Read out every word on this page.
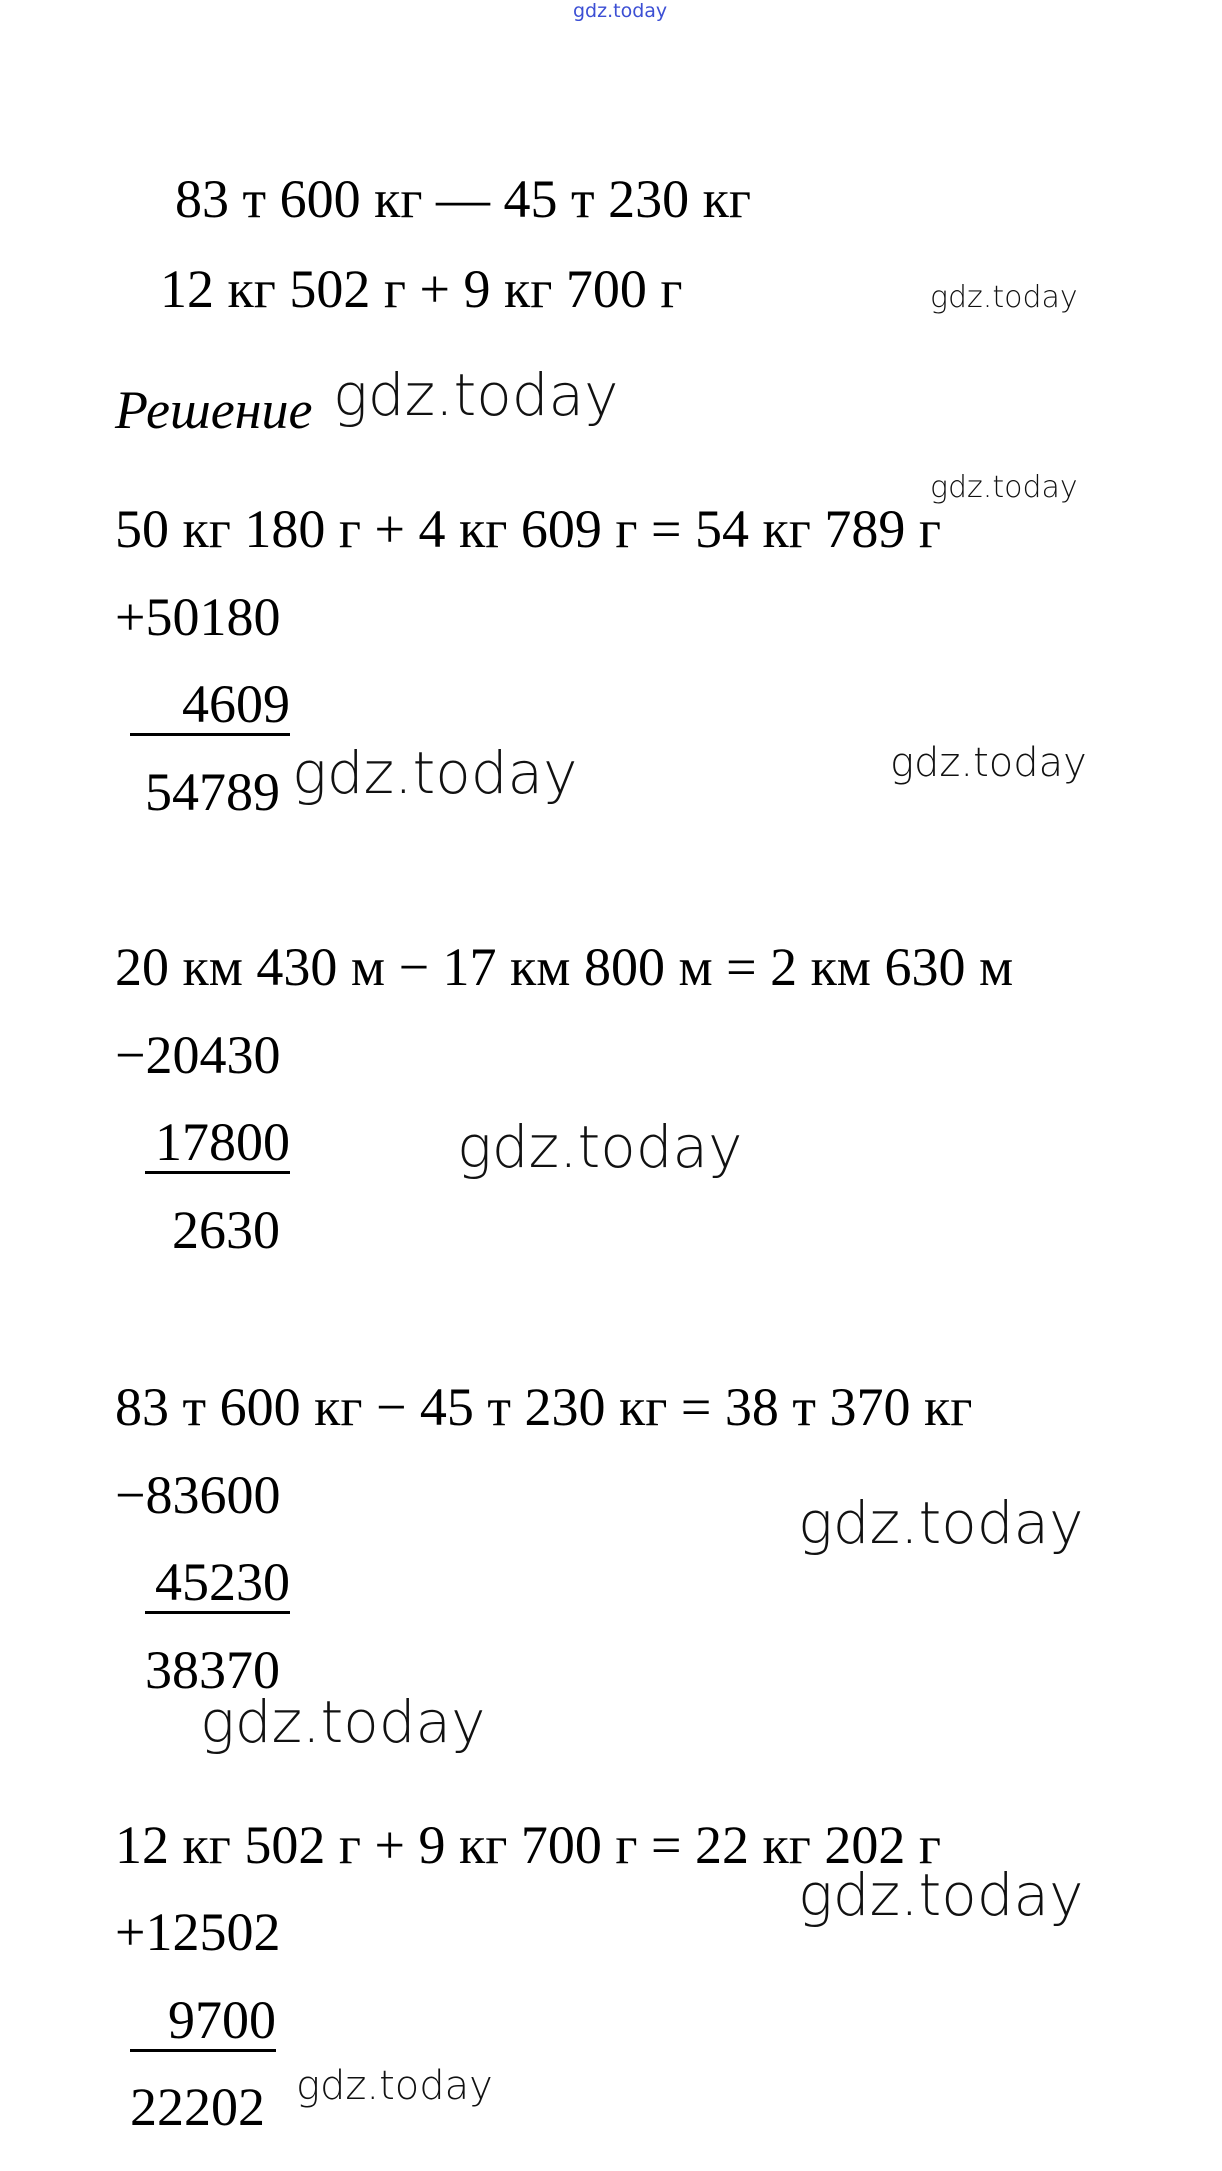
gdz.today
83 т 600 кг — 45 т 230 кг
12 кг 502 г + 9 кг 700 г	gdz.today
Решение gdz.today
gdz.today
50 кг 180 г + 4 кг 609 г = 54 кг 789 г
+50180
4609
54789 gdz.today	gdz.today
20 км 430 м − 17 км 800 м = 2 км 630 м
−20430
17800
2630
gdz.today
83 т 600 кг − 45 т 230 кг = 38 т 370 кг
−83600	gdz.today
45230
38370
gdz.today
12 кг 502 г + 9 кг 700 г = 22 кг 202 г
gdz.today
+12502
9700
22202 gdz.today
